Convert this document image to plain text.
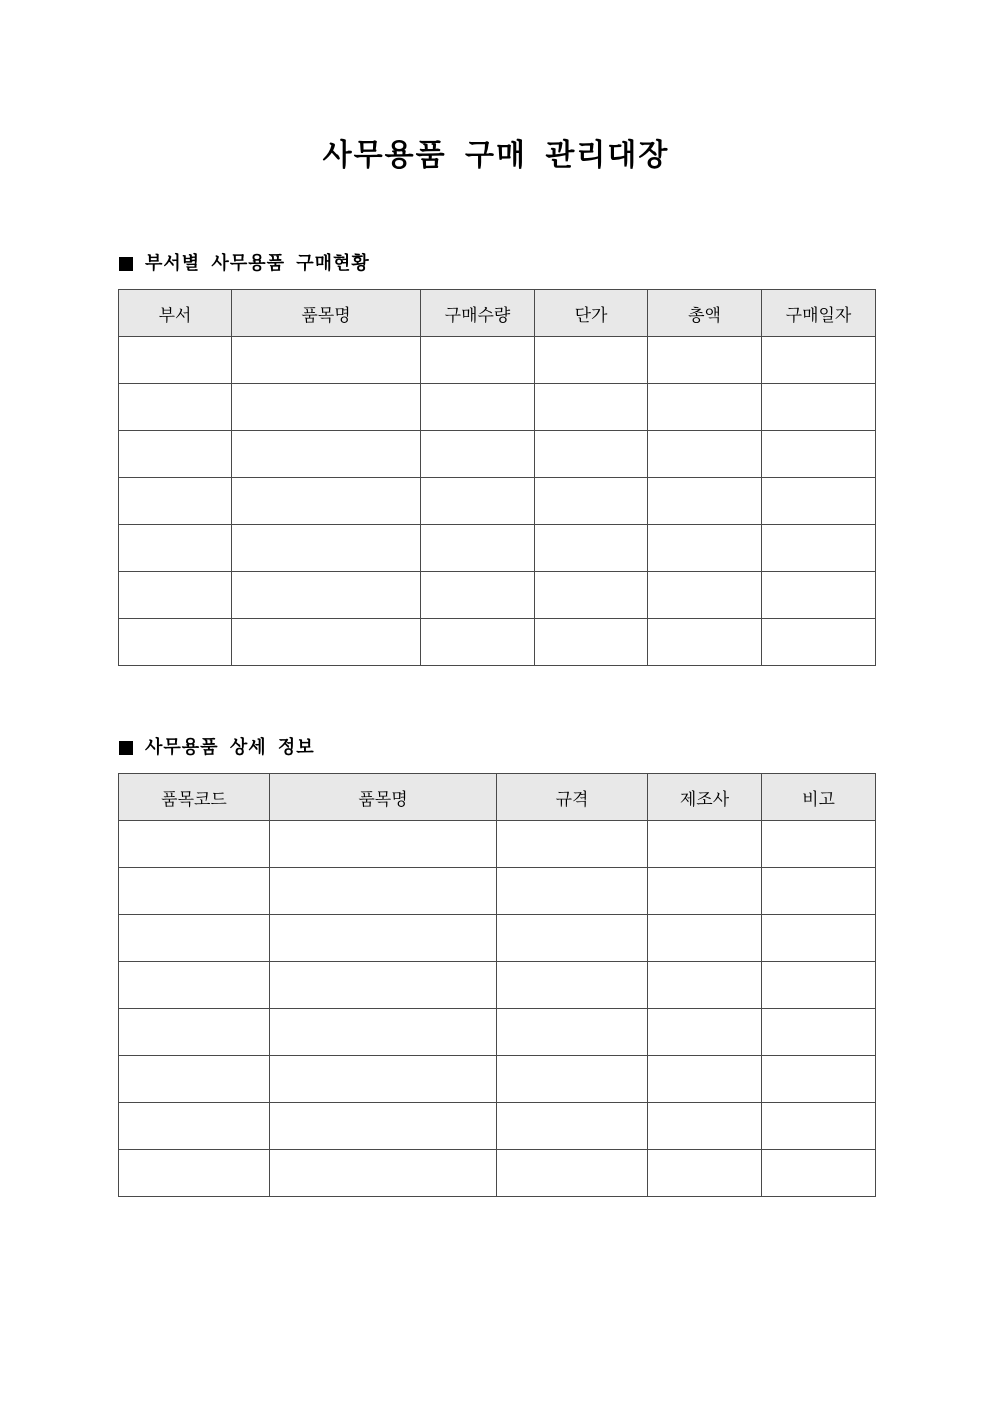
사무용품 구매 관리대장
부서별 사무용품 구매현황
부서	품목명	구매수량	단가	총액	구매일자

사무용품 상세 정보
품목코드	품목명	규격	제조사	비고
